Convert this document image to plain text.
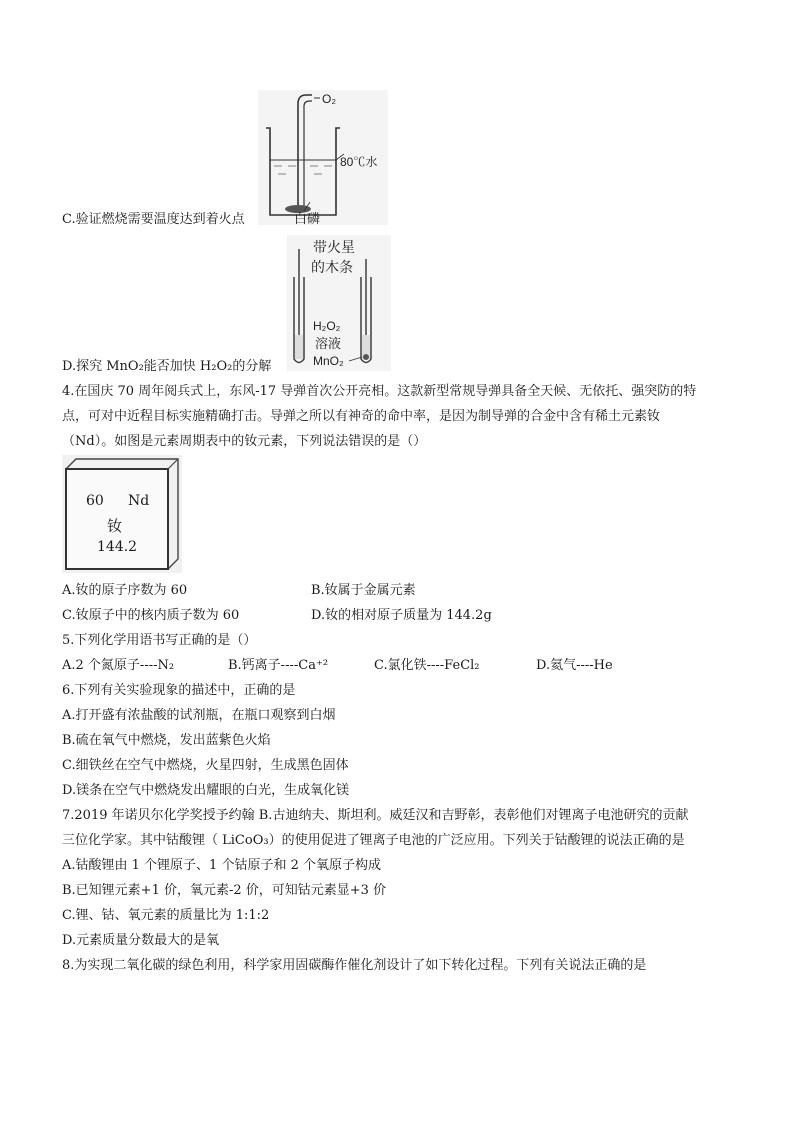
O₂
80℃水
白磷
C.验证燃烧需要温度达到着火点
带火星
的木条
H₂O₂
溶液
MnO₂
D.探究 MnO₂能否加快 H₂O₂的分解
4.在国庆 70 周年阅兵式上，东风-17 导弹首次公开亮相。这款新型常规导弹具备全天候、无依托、强突防的特
点，可对中近程目标实施精确打击。导弹之所以有神奇的命中率，是因为制导弹的合金中含有稀土元素钕
（Nd）。如图是元素周期表中的钕元素，下列说法错误的是（）
60 Nd
钕
144.2
A.钕的原子序数为 60	B.钕属于金属元素
C.钕原子中的核内质子数为 60	D.钕的相对原子质量为 144.2g
5.下列化学用语书写正确的是（）
A.2 个氮原子----N₂	B.钙离子----Ca⁺²	C.氯化铁----FeCl₂	D.氦气----He
6.下列有关实验现象的描述中，正确的是
A.打开盛有浓盐酸的试剂瓶，在瓶口观察到白烟
B.硫在氧气中燃烧，发出蓝紫色火焰
C.细铁丝在空气中燃烧，火星四射，生成黑色固体
D.镁条在空气中燃烧发出耀眼的白光，生成氧化镁
7.2019 年诺贝尔化学奖授予约翰 B.古迪纳夫、斯坦利。威廷汉和吉野彰，表彰他们对锂离子电池研究的贡献
三位化学家。其中钴酸锂（ LiCoO₃）的使用促进了锂离子电池的广泛应用。下列关于钴酸锂的说法正确的是
A.钴酸锂由 1 个锂原子、1 个钴原子和 2 个氧原子构成
B.已知锂元素+1 价，氧元素-2 价，可知钴元素显+3 价
C.锂、钴、氧元素的质量比为 1:1:2
D.元素质量分数最大的是氧
8.为实现二氧化碳的绿色利用，科学家用固碳酶作催化剂设计了如下转化过程。下列有关说法正确的是
